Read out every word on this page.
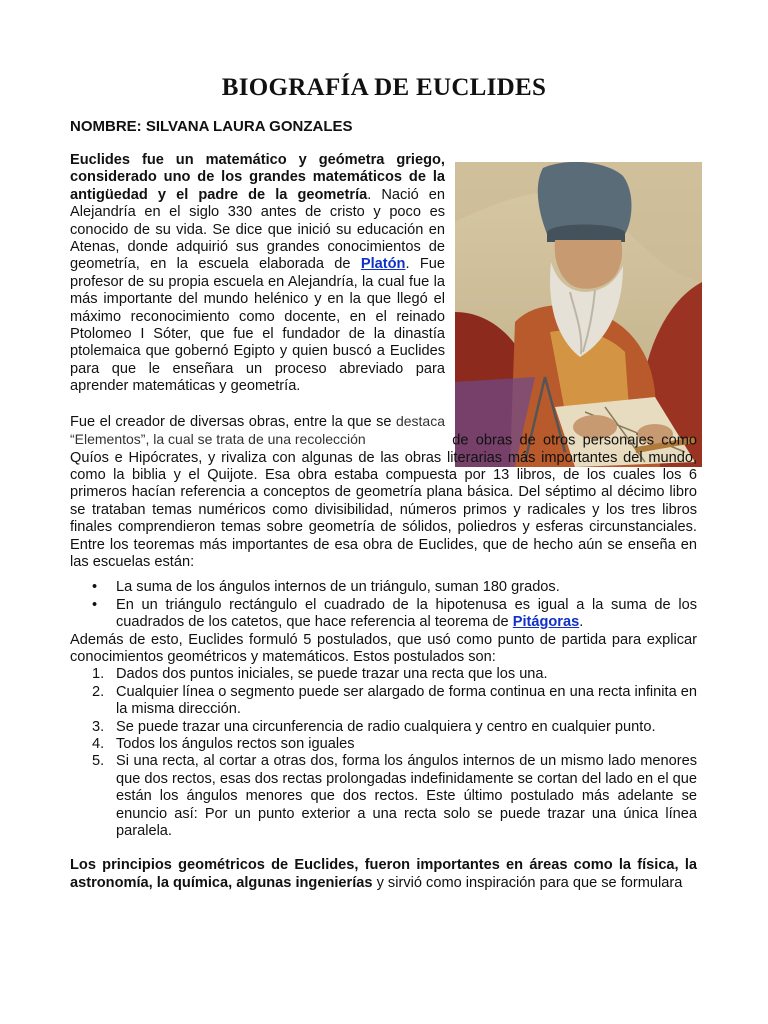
BIOGRAFÍA DE EUCLIDES

NOMBRE: SILVANA LAURA GONZALES

Euclides fue un matemático y geómetra griego, considerado uno de los grandes matemáticos de la antigüedad y el padre de la geometría. Nació en Alejandría en el siglo 330 antes de cristo y poco es conocido de su vida. Se dice que inició su educación en Atenas, donde adquirió sus grandes conocimientos de geometría, en la escuela elaborada de Platón. Fue profesor de su propia escuela en Alejandría, la cual fue la más importante del mundo helénico y en la que llegó el máximo reconocimiento como docente, en el reinado Ptolomeo I Sóter, que fue el fundador de la dinastía ptolemaica que gobernó Egipto y quien buscó a Euclides para que le enseñara un proceso abreviado para aprender matemáticas y geometría.

Fue el creador de diversas obras, entre la que se destaca “Elementos”, la cual se trata de una recolección	de obras de otros personajes como Quíos e Hipócrates, y rivaliza con algunas de las obras literarias más importantes del mundo, como la biblia y el Quijote. Esa obra estaba compuesta por 13 libros, de los cuales los 6 primeros hacían referencia a conceptos de geometría plana básica. Del séptimo al décimo libro se trataban temas numéricos como divisibilidad, números primos y radicales y los tres libros finales comprendieron temas sobre geometría de sólidos, poliedros y esferas circunstanciales. Entre los teoremas más importantes de esa obra de Euclides, que de hecho aún se enseña en las escuelas están:

• La suma de los ángulos internos de un triángulo, suman 180 grados.
• En un triángulo rectángulo el cuadrado de la hipotenusa es igual a la suma de los cuadrados de los catetos, que hace referencia al teorema de Pitágoras.

Además de esto, Euclides formuló 5 postulados, que usó como punto de partida para explicar conocimientos geométricos y matemáticos. Estos postulados son:

1. Dados dos puntos iniciales, se puede trazar una recta que los una.
2. Cualquier línea o segmento puede ser alargado de forma continua en una recta infinita en la misma dirección.
3. Se puede trazar una circunferencia de radio cualquiera y centro en cualquier punto.
4. Todos los ángulos rectos son iguales
5. Si una recta, al cortar a otras dos, forma los ángulos internos de un mismo lado menores que dos rectos, esas dos rectas prolongadas indefinidamente se cortan del lado en el que están los ángulos menores que dos rectos. Este último postulado más adelante se enuncio así: Por un punto exterior a una recta solo se puede trazar una única línea paralela.

Los principios geométricos de Euclides, fueron importantes en áreas como la física, la astronomía, la química, algunas ingenierías y sirvió como inspiración para que se formulara
